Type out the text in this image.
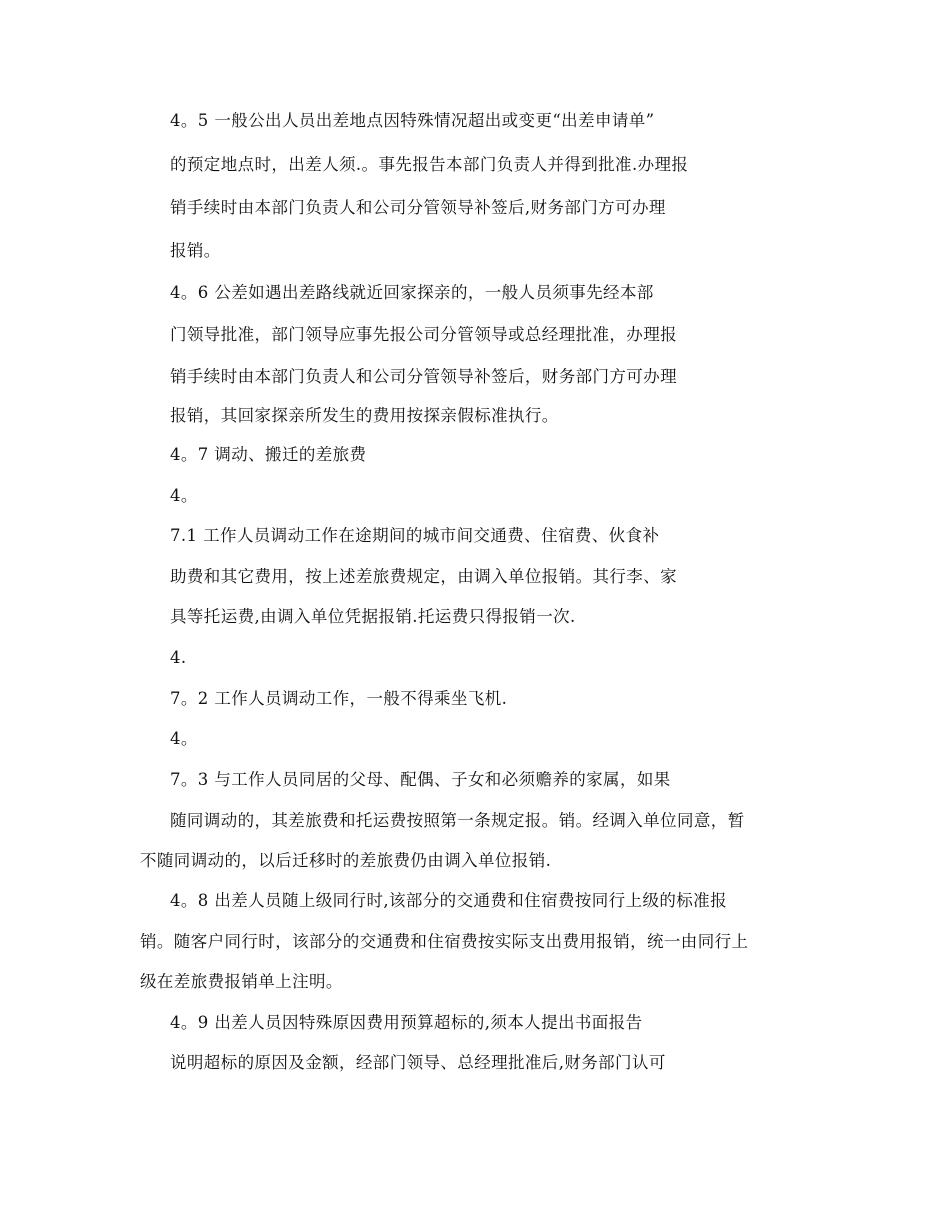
4。5 一般公出人员出差地点因特殊情况超出或变更“出差申请单”

的预定地点时，出差人须.。事先报告本部门负责人并得到批准.办理报

销手续时由本部门负责人和公司分管领导补签后,财务部门方可办理

报销。

4。6 公差如遇出差路线就近回家探亲的，一般人员须事先经本部

门领导批准，部门领导应事先报公司分管领导或总经理批准，办理报

销手续时由本部门负责人和公司分管领导补签后，财务部门方可办理

报销，其回家探亲所发生的费用按探亲假标准执行。

4。7 调动、搬迁的差旅费

4。

7.1 工作人员调动工作在途期间的城市间交通费、住宿费、伙食补

助费和其它费用，按上述差旅费规定，由调入单位报销。其行李、家

具等托运费,由调入单位凭据报销.托运费只得报销一次.

4.

7。2 工作人员调动工作，一般不得乘坐飞机.

4。

7。3 与工作人员同居的父母、配偶、子女和必须赡养的家属，如果

随同调动的，其差旅费和托运费按照第一条规定报。销。经调入单位同意，暂

不随同调动的，以后迁移时的差旅费仍由调入单位报销.

4。8 出差人员随上级同行时,该部分的交通费和住宿费按同行上级的标准报

销。随客户同行时，该部分的交通费和住宿费按实际支出费用报销，统一由同行上

级在差旅费报销单上注明。

4。9 出差人员因特殊原因费用预算超标的,须本人提出书面报告

说明超标的原因及金额，经部门领导、总经理批准后,财务部门认可
